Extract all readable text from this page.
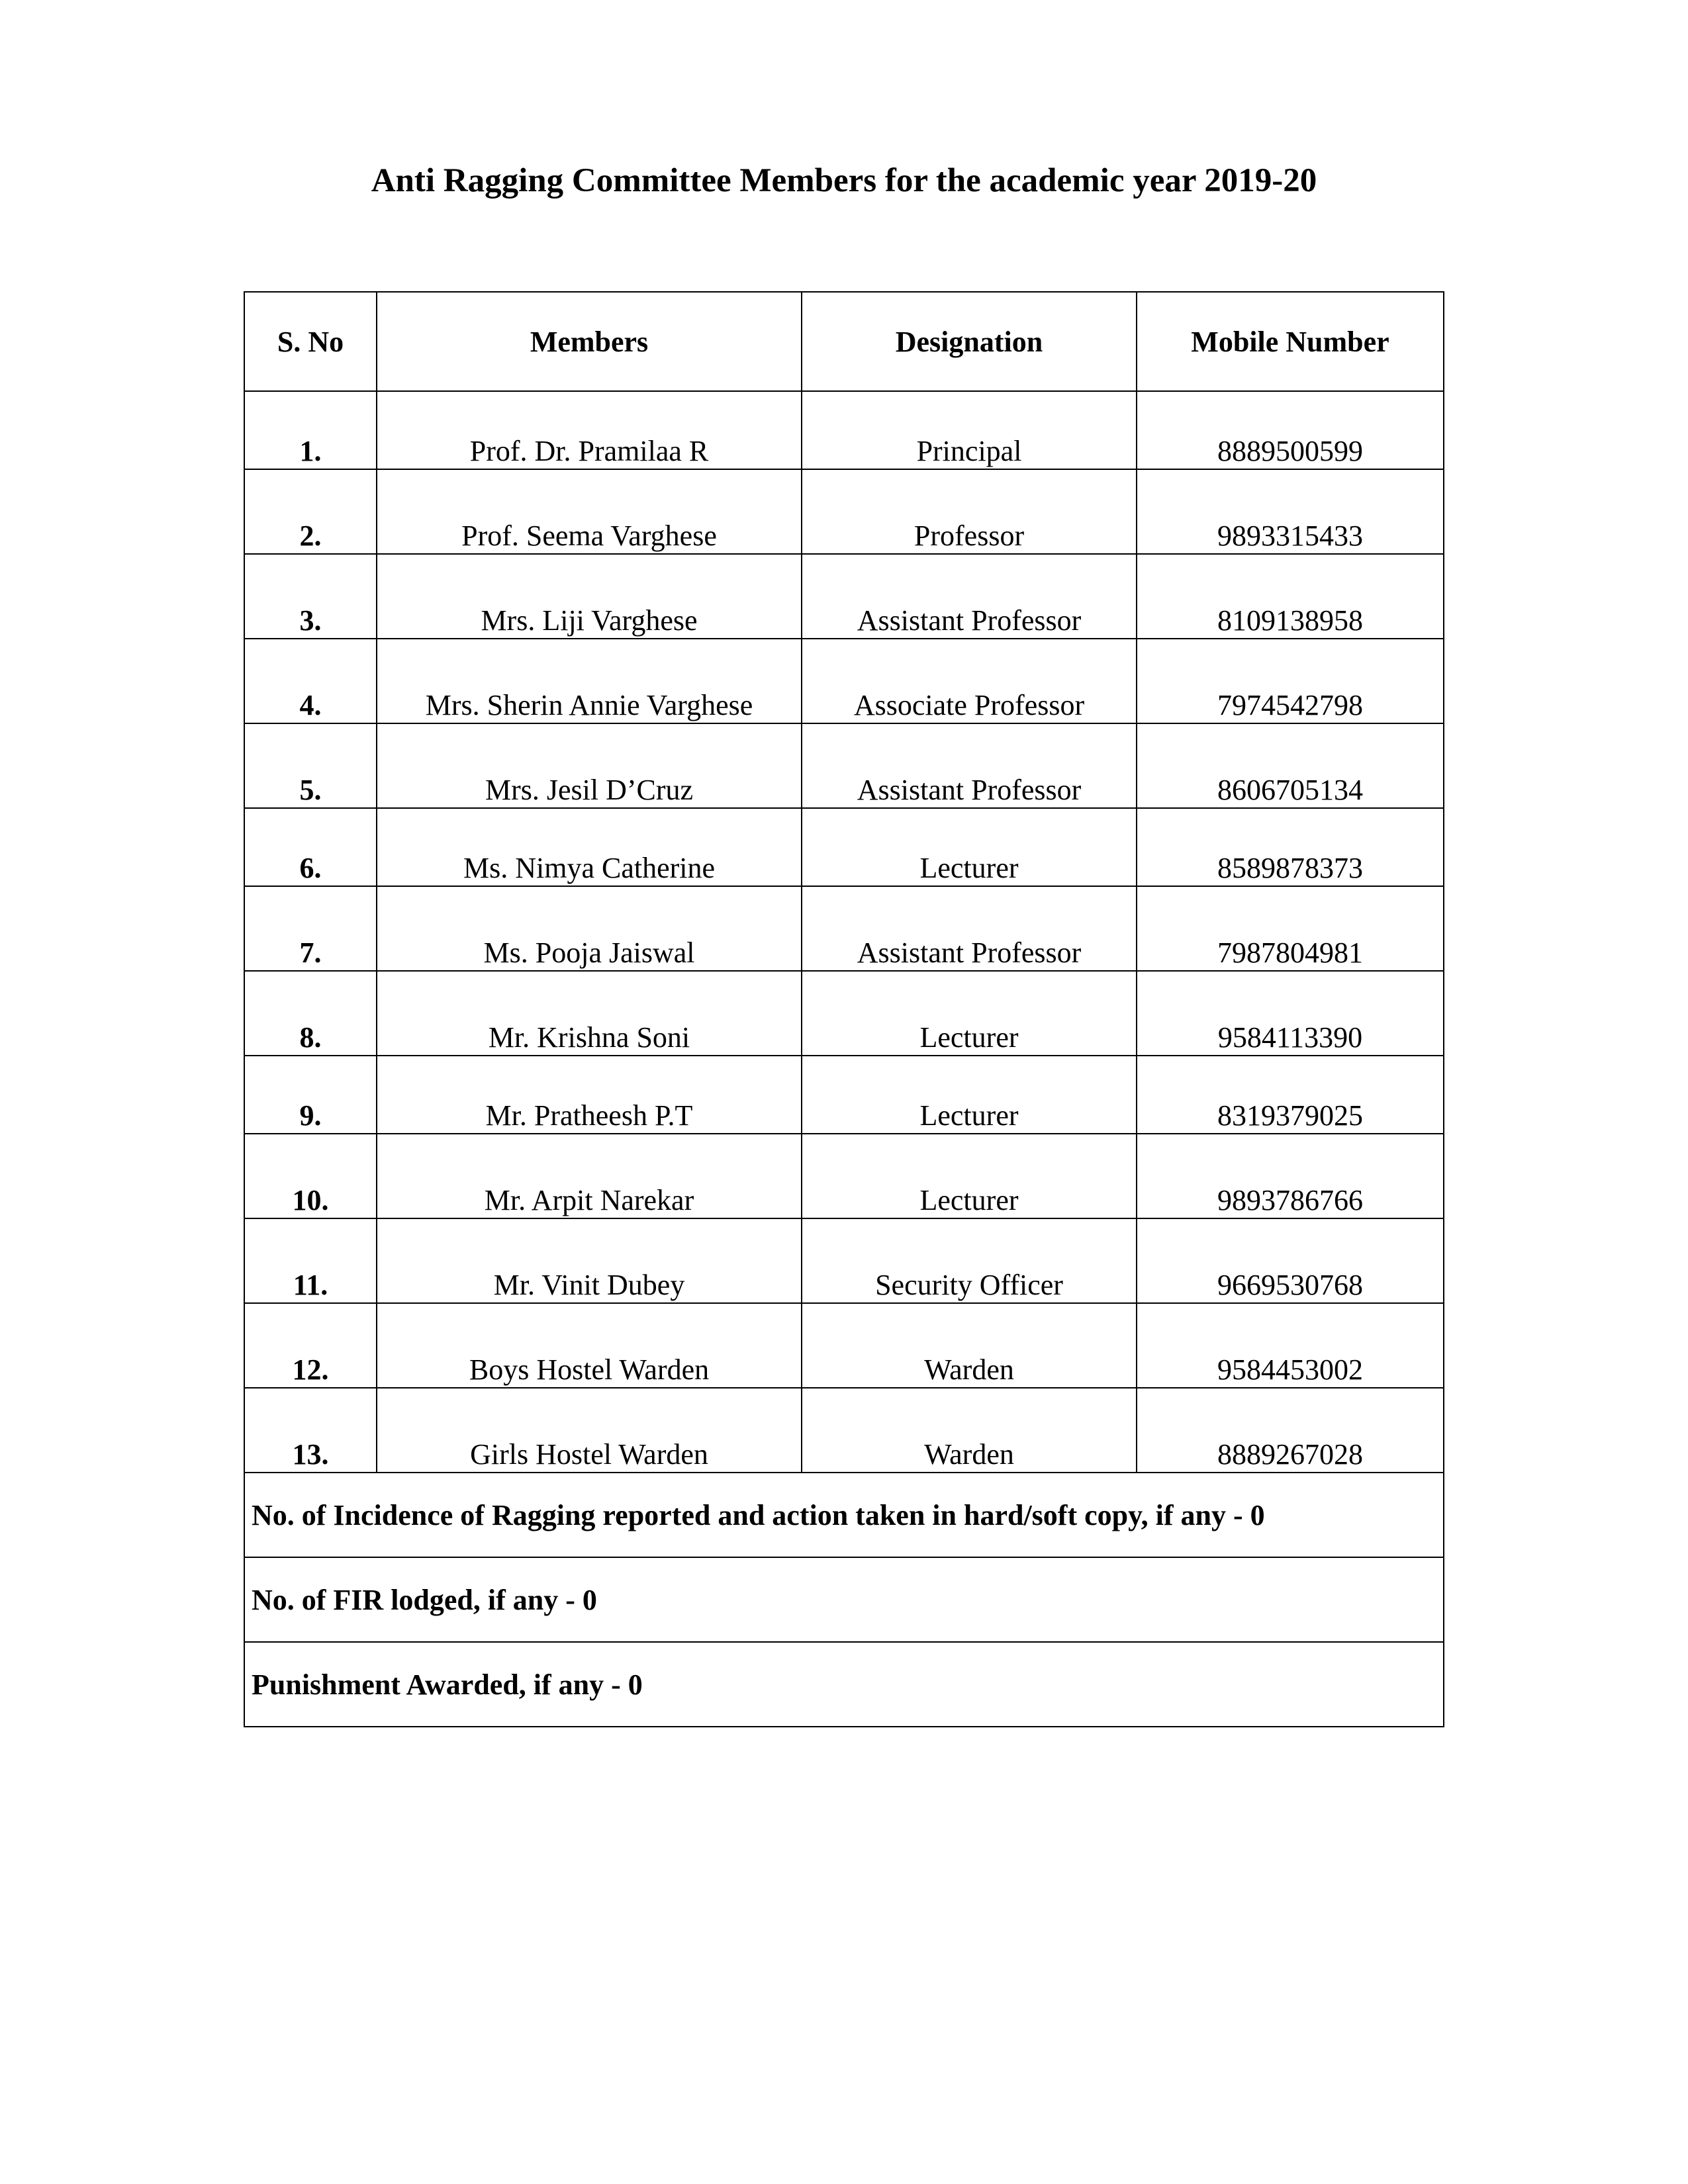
Anti Ragging Committee Members for the academic year 2019-20
S. No	Members	Designation	Mobile Number
1.	Prof. Dr. Pramilaa R	Principal	8889500599
2.	Prof. Seema Varghese	Professor	9893315433
3.	Mrs. Liji Varghese	Assistant Professor	8109138958
4.	Mrs. Sherin Annie Varghese	Associate Professor	7974542798
5.	Mrs. Jesil D’Cruz	Assistant Professor	8606705134
6.	Ms. Nimya Catherine	Lecturer	8589878373
7.	Ms. Pooja Jaiswal	Assistant Professor	7987804981
8.	Mr. Krishna Soni	Lecturer	9584113390
9.	Mr. Pratheesh P.T	Lecturer	8319379025
10.	Mr. Arpit Narekar	Lecturer	9893786766
11.	Mr. Vinit Dubey	Security Officer	9669530768
12.	Boys Hostel Warden	Warden	9584453002
13.	Girls Hostel Warden	Warden	8889267028
No. of Incidence of Ragging reported and action taken in hard/soft copy, if any - 0			
No. of FIR lodged, if any - 0			
Punishment Awarded, if any - 0			
